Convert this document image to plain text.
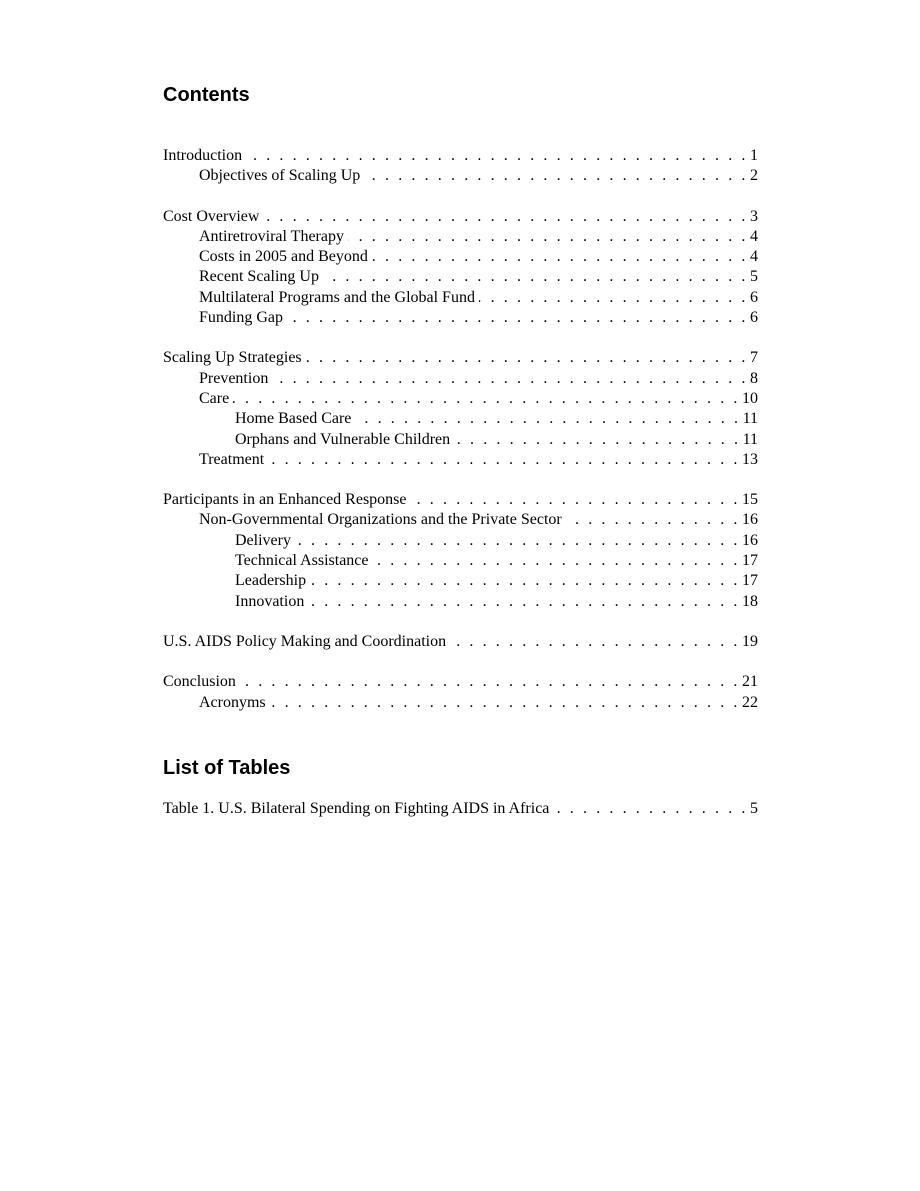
Contents
Introduction . . .	1
Objectives of Scaling Up . . .	2
Cost Overview . . .	3
Antiretroviral Therapy . . .	4
Costs in 2005 and Beyond . . .	4
Recent Scaling Up . . .	5
Multilateral Programs and the Global Fund . . .	6
Funding Gap . . .	6
Scaling Up Strategies . . .	7
Prevention . . .	8
Care . . .	10
Home Based Care . . .	11
Orphans and Vulnerable Children . . .	11
Treatment . . .	13
Participants in an Enhanced Response . . .	15
Non-Governmental Organizations and the Private Sector . . .	16
Delivery . . .	16
Technical Assistance . . .	17
Leadership . . .	17
Innovation . . .	18
U.S. AIDS Policy Making and Coordination . . .	19
Conclusion . . .	21
Acronyms . . .	22
List of Tables
Table 1. U.S. Bilateral Spending on Fighting AIDS in Africa . . .	5
